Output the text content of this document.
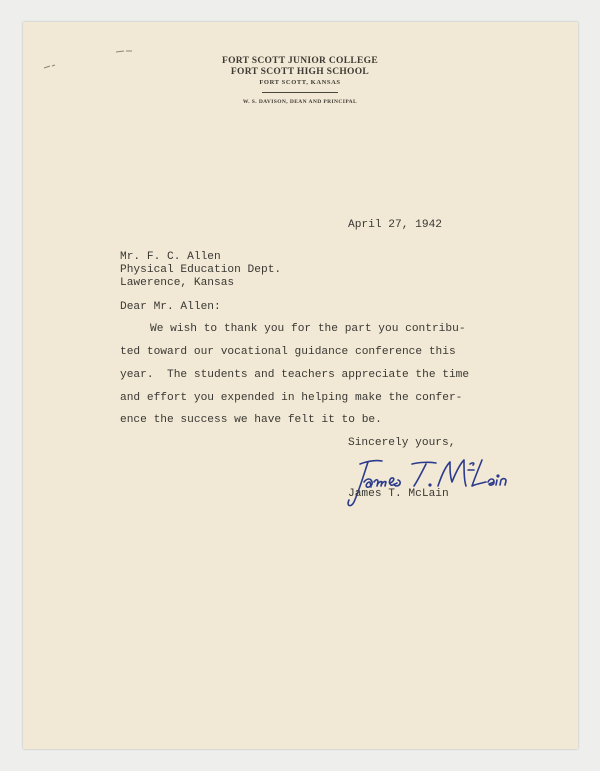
FORT SCOTT JUNIOR COLLEGE
FORT SCOTT HIGH SCHOOL
FORT SCOTT, KANSAS
W. S. DAVISON, DEAN AND PRINCIPAL
April 27, 1942
Mr. F. C. Allen
Physical Education Dept.
Lawerence, Kansas
Dear Mr. Allen:
We wish to thank you for the part you contribu-
ted toward our vocational guidance conference this
year.  The students and teachers appreciate the time
and effort you expended in helping make the confer-
ence the success we have felt it to be.
Sincerely yours,
James T. McLain
